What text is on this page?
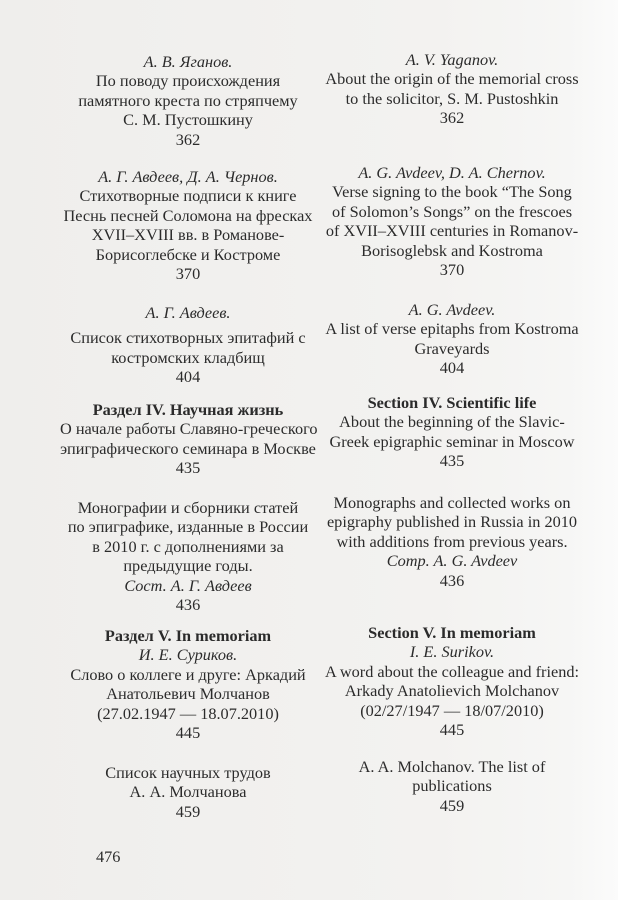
А. В. Яганов.
По поводу происхождения
памятного креста по стряпчему
С. М. Пустошкину
362
А. Г. Авдеев, Д. А. Чернов.
Стихотворные подписи к книге
Песнь песней Соломона на фресках
XVII–XVIII вв. в Романове-
Борисоглебске и Костроме
370
А. Г. Авдеев.
Список стихотворных эпитафий с
костромских кладбищ
404
Раздел IV. Научная жизнь
О начале работы Славяно-греческого
эпиграфического семинара в Москве
435
Монографии и сборники статей
по эпиграфике, изданные в России
в 2010 г. с дополнениями за
предыдущие годы.
Сост. А. Г. Авдеев
436
Раздел V. In memoriam
И. Е. Суриков.
Слово о коллеге и друге: Аркадий
Анатольевич Молчанов
(27.02.1947 — 18.07.2010)
445
Список научных трудов
А. А. Молчанова
459
A. V. Yaganov.
About the origin of the memorial cross
to the solicitor, S. M. Pustoshkin
362
A. G. Avdeev, D. A. Chernov.
Verse signing to the book “The Song
of Solomon’s Songs” on the frescoes
of XVII–XVIII centuries in Romanov-
Borisoglebsk and Kostroma
370
A. G. Avdeev.
A list of verse epitaphs from Kostroma
Graveyards
404
Section IV. Scientific life
About the beginning of the Slavic-
Greek epigraphic seminar in Moscow
435
Monographs and collected works on
epigraphy published in Russia in 2010
with additions from previous years.
Comp. A. G. Avdeev
436
Section V. In memoriam
I. E. Surikov.
A word about the colleague and friend:
Arkady Anatolievich Molchanov
(02/27/1947 — 18/07/2010)
445
A. A. Molchanov. The list of
publications
459
476
